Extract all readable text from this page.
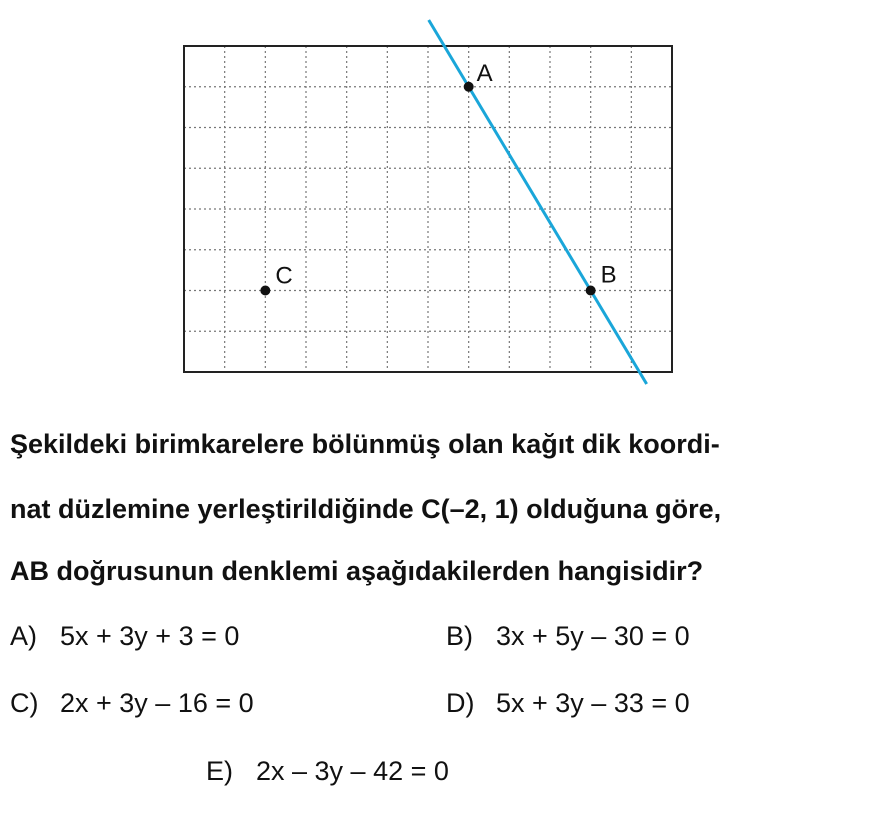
A
B
C
Şekildeki birimkarelere bölünmüş olan kağıt dik koordi-
nat düzlemine yerleştirildiğinde C(–2, 1) olduğuna göre,
AB doğrusunun denklemi aşağıdakilerden hangisidir?
A) 5x + 3y + 3 = 0	B) 3x + 5y – 30 = 0
C) 2x + 3y – 16 = 0	D) 5x + 3y – 33 = 0
E) 2x – 3y – 42 = 0
